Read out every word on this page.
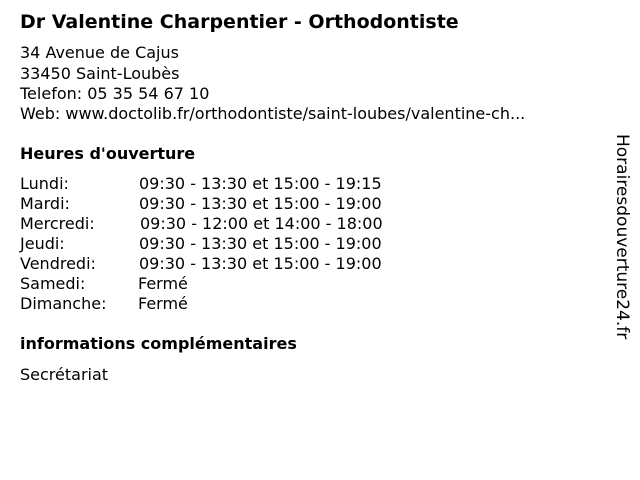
Dr Valentine Charpentier - Orthodontiste
34 Avenue de Cajus
33450 Saint-Loubès
Telefon: 05 35 54 67 10
Web: www.doctolib.fr/orthodontiste/saint-loubes/valentine-ch...
Heures d'ouverture
Lundi:	09:30 - 13:30 et 15:00 - 19:15
Mardi:	09:30 - 13:30 et 15:00 - 19:00
Mercredi:	09:30 - 12:00 et 14:00 - 18:00
Jeudi:	09:30 - 13:30 et 15:00 - 19:00
Vendredi:	09:30 - 13:30 et 15:00 - 19:00
Samedi:	Fermé
Dimanche: Fermé
informations complémentaires
Secrétariat
Horairesdouverture24.fr
